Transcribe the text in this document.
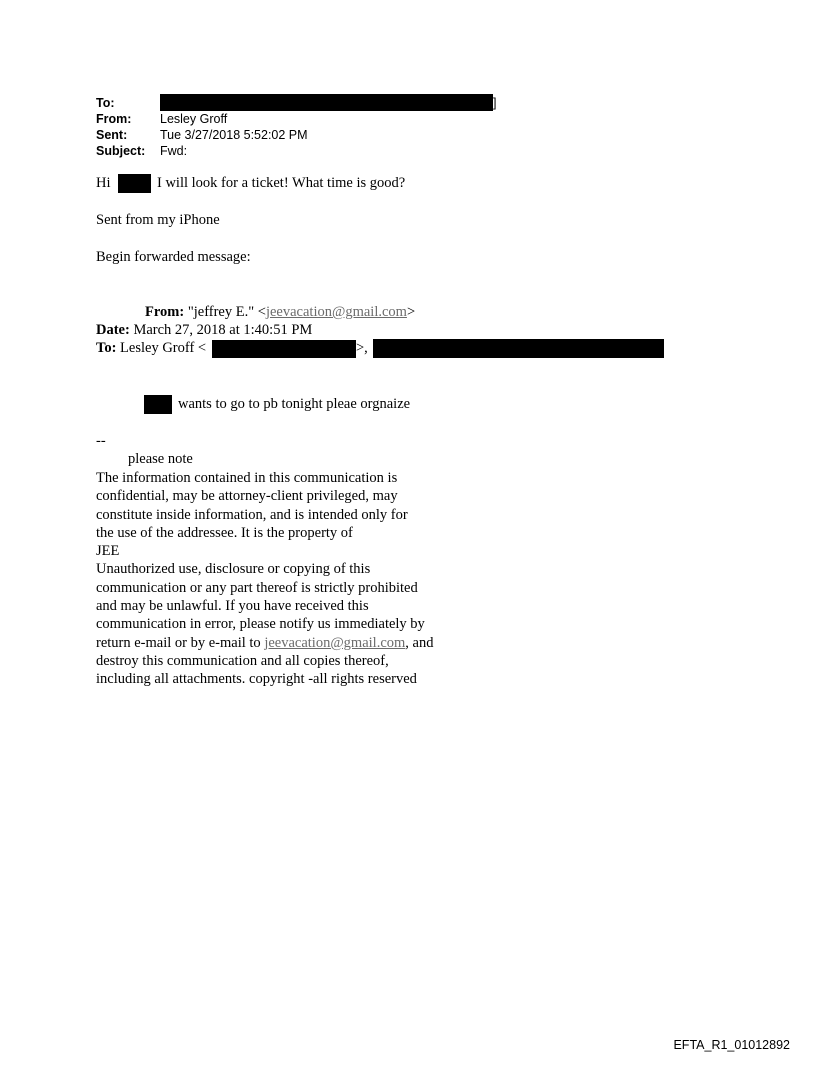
To:	]
From: Lesley Groff
Sent:	Tue 3/27/2018 5:52:02 PM
Subject: Fwd:
Hi	I will look for a ticket! What time is good?
Sent from my iPhone
Begin forwarded message:
From: "jeffrey E." <jeevacation@gmail.com>
Date: March 27, 2018 at 1:40:51 PM
To: Lesley Groff <	>,
wants to go to pb tonight pleae orgnaize
--
please note
The information contained in this communication is
confidential, may be attorney-client privileged, may
constitute inside information, and is intended only for
the use of the addressee. It is the property of
JEE
Unauthorized use, disclosure or copying of this
communication or any part thereof is strictly prohibited
and may be unlawful. If you have received this
communication in error, please notify us immediately by
return e-mail or by e-mail to jeevacation@gmail.com, and
destroy this communication and all copies thereof,
including all attachments. copyright -all rights reserved
EFTA_R1_01012892
